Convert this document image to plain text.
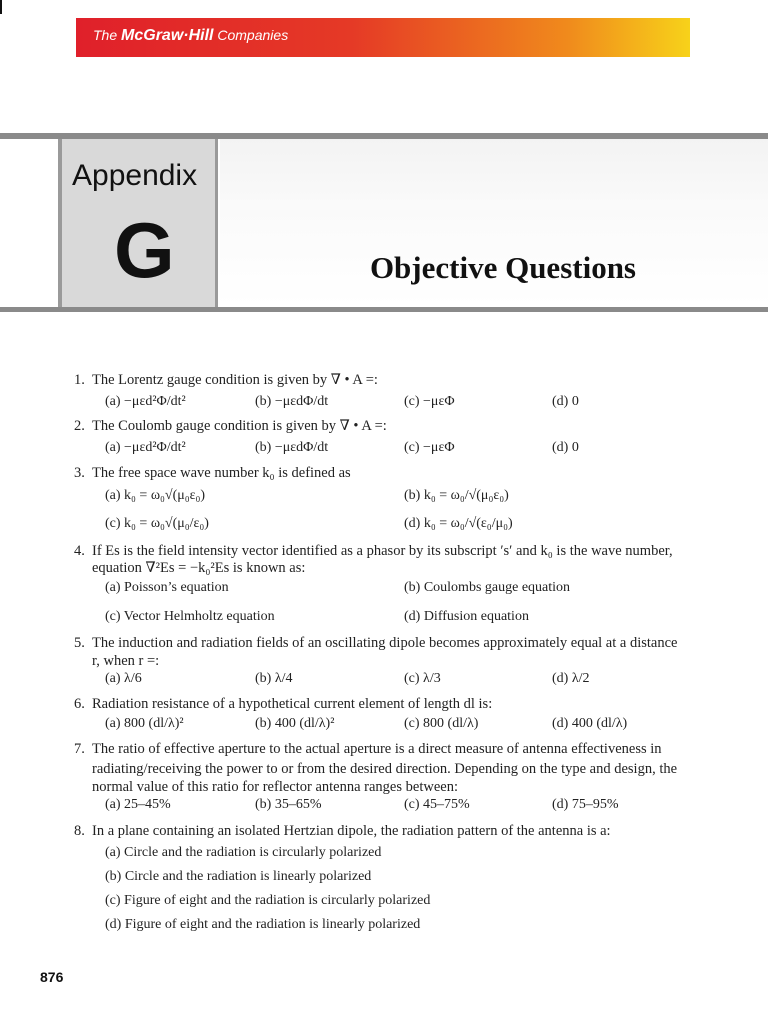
The McGraw·Hill Companies
Appendix
G	Objective Questions
1. The Lorentz gauge condition is given by ∇ • A =:
(a) −μεd²Φ/dt²	(b) −μεdΦ/dt	(c) −μεΦ	(d) 0
2. The Coulomb gauge condition is given by ∇ • A =:
(a) −μεd²Φ/dt²	(b) −μεdΦ/dt	(c) −μεΦ	(d) 0
3. The free space wave number k₀ is defined as
(a) k₀ = ω₀√(μ₀ε₀)	(b) k₀ = ω₀/√(μ₀ε₀)
(c) k₀ = ω₀√(μ₀/ε₀)	(d) k₀ = ω₀/√(ε₀/μ₀)
4. If Es is the field intensity vector identified as a phasor by its subscript ′s′ and k₀ is the wave number,
equation ∇²Es = −k₀²Es is known as:
(a) Poisson’s equation	(b) Coulombs gauge equation
(c) Vector Helmholtz equation	(d) Diffusion equation
5. The induction and radiation fields of an oscillating dipole becomes approximately equal at a distance
r, when r =:
(a) λ/6	(b) λ/4	(c) λ/3	(d) λ/2
6. Radiation resistance of a hypothetical current element of length dl is:
(a) 800 (dl/λ)²	(b) 400 (dl/λ)²	(c) 800 (dl/λ)	(d) 400 (dl/λ)
7. The ratio of effective aperture to the actual aperture is a direct measure of antenna effectiveness in
radiating/receiving the power to or from the desired direction. Depending on the type and design, the
normal value of this ratio for reflector antenna ranges between:
(a) 25–45%	(b) 35–65%	(c) 45–75%	(d) 75–95%
8. In a plane containing an isolated Hertzian dipole, the radiation pattern of the antenna is a:
(a) Circle and the radiation is circularly polarized
(b) Circle and the radiation is linearly polarized
(c) Figure of eight and the radiation is circularly polarized
(d) Figure of eight and the radiation is linearly polarized
876
